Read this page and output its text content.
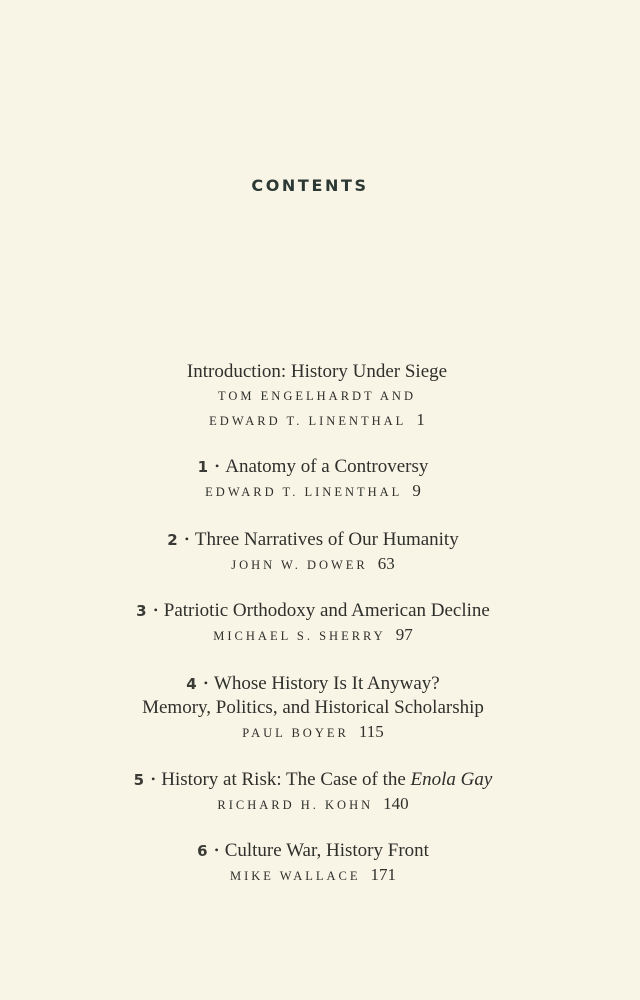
CONTENTS
Introduction: History Under Siege
TOM ENGELHARDT AND
EDWARD T. LINENTHAL 1
1 • Anatomy of a Controversy
EDWARD T. LINENTHAL 9
2 • Three Narratives of Our Humanity
JOHN W. DOWER 63
3 • Patriotic Orthodoxy and American Decline
MICHAEL S. SHERRY 97
4 • Whose History Is It Anyway?
Memory, Politics, and Historical Scholarship
PAUL BOYER 115
5 • History at Risk: The Case of the Enola Gay
RICHARD H. KOHN 140
6 • Culture War, History Front
MIKE WALLACE 171
